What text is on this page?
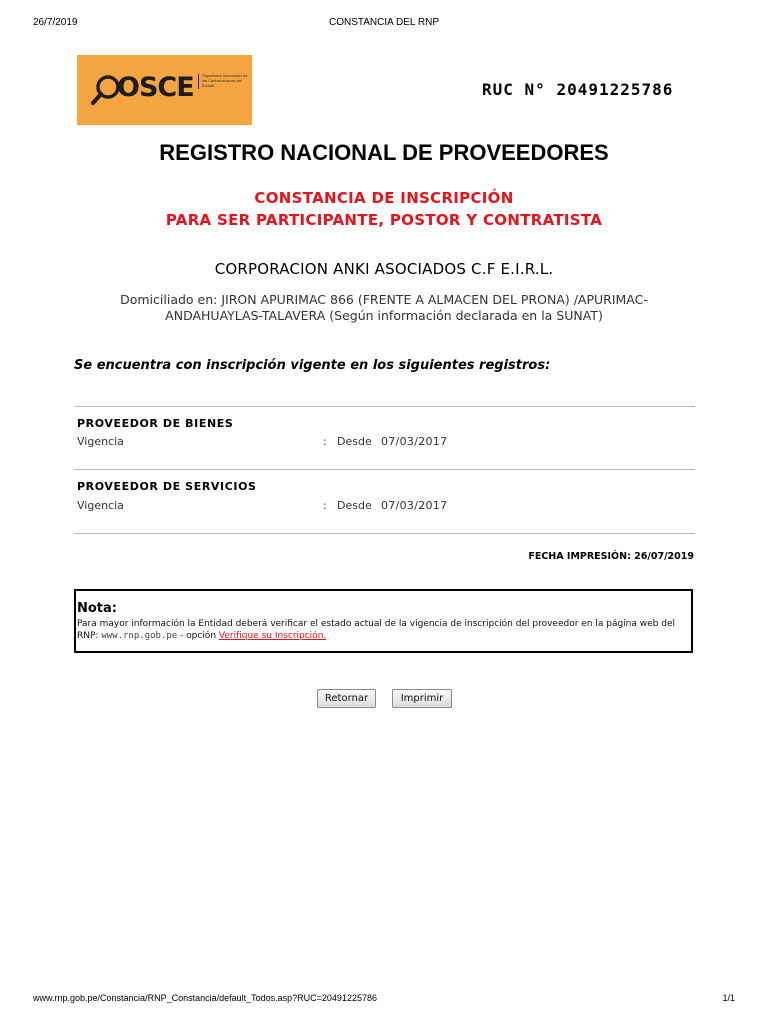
26/7/2019	CONSTANCIA DEL RNP
OSCE	Organismo Supervisor de las Contrataciones del Estado	RUC N° 20491225786
REGISTRO NACIONAL DE PROVEEDORES
CONSTANCIA DE INSCRIPCIÓN
PARA SER PARTICIPANTE, POSTOR Y CONTRATISTA
CORPORACION ANKI ASOCIADOS C.F E.I.R.L.
Domiciliado en: JIRON APURIMAC 866 (FRENTE A ALMACEN DEL PRONA) /APURIMAC-
ANDAHUAYLAS-TALAVERA (Según información declarada en la SUNAT)
Se encuentra con inscripción vigente en los siguientes registros:
PROVEEDOR DE BIENES
Vigencia	: Desde 07/03/2017
PROVEEDOR DE SERVICIOS
Vigencia	: Desde 07/03/2017
FECHA IMPRESIÓN: 26/07/2019
Nota:
Para mayor información la Entidad deberá verificar el estado actual de la vigencia de inscripción del proveedor en la página web del RNP: www.rnp.gob.pe - opción Verifique su Inscripción.
Retornar	Imprimir
www.rnp.gob.pe/Constancia/RNP_Constancia/default_Todos.asp?RUC=20491225786	1/1
